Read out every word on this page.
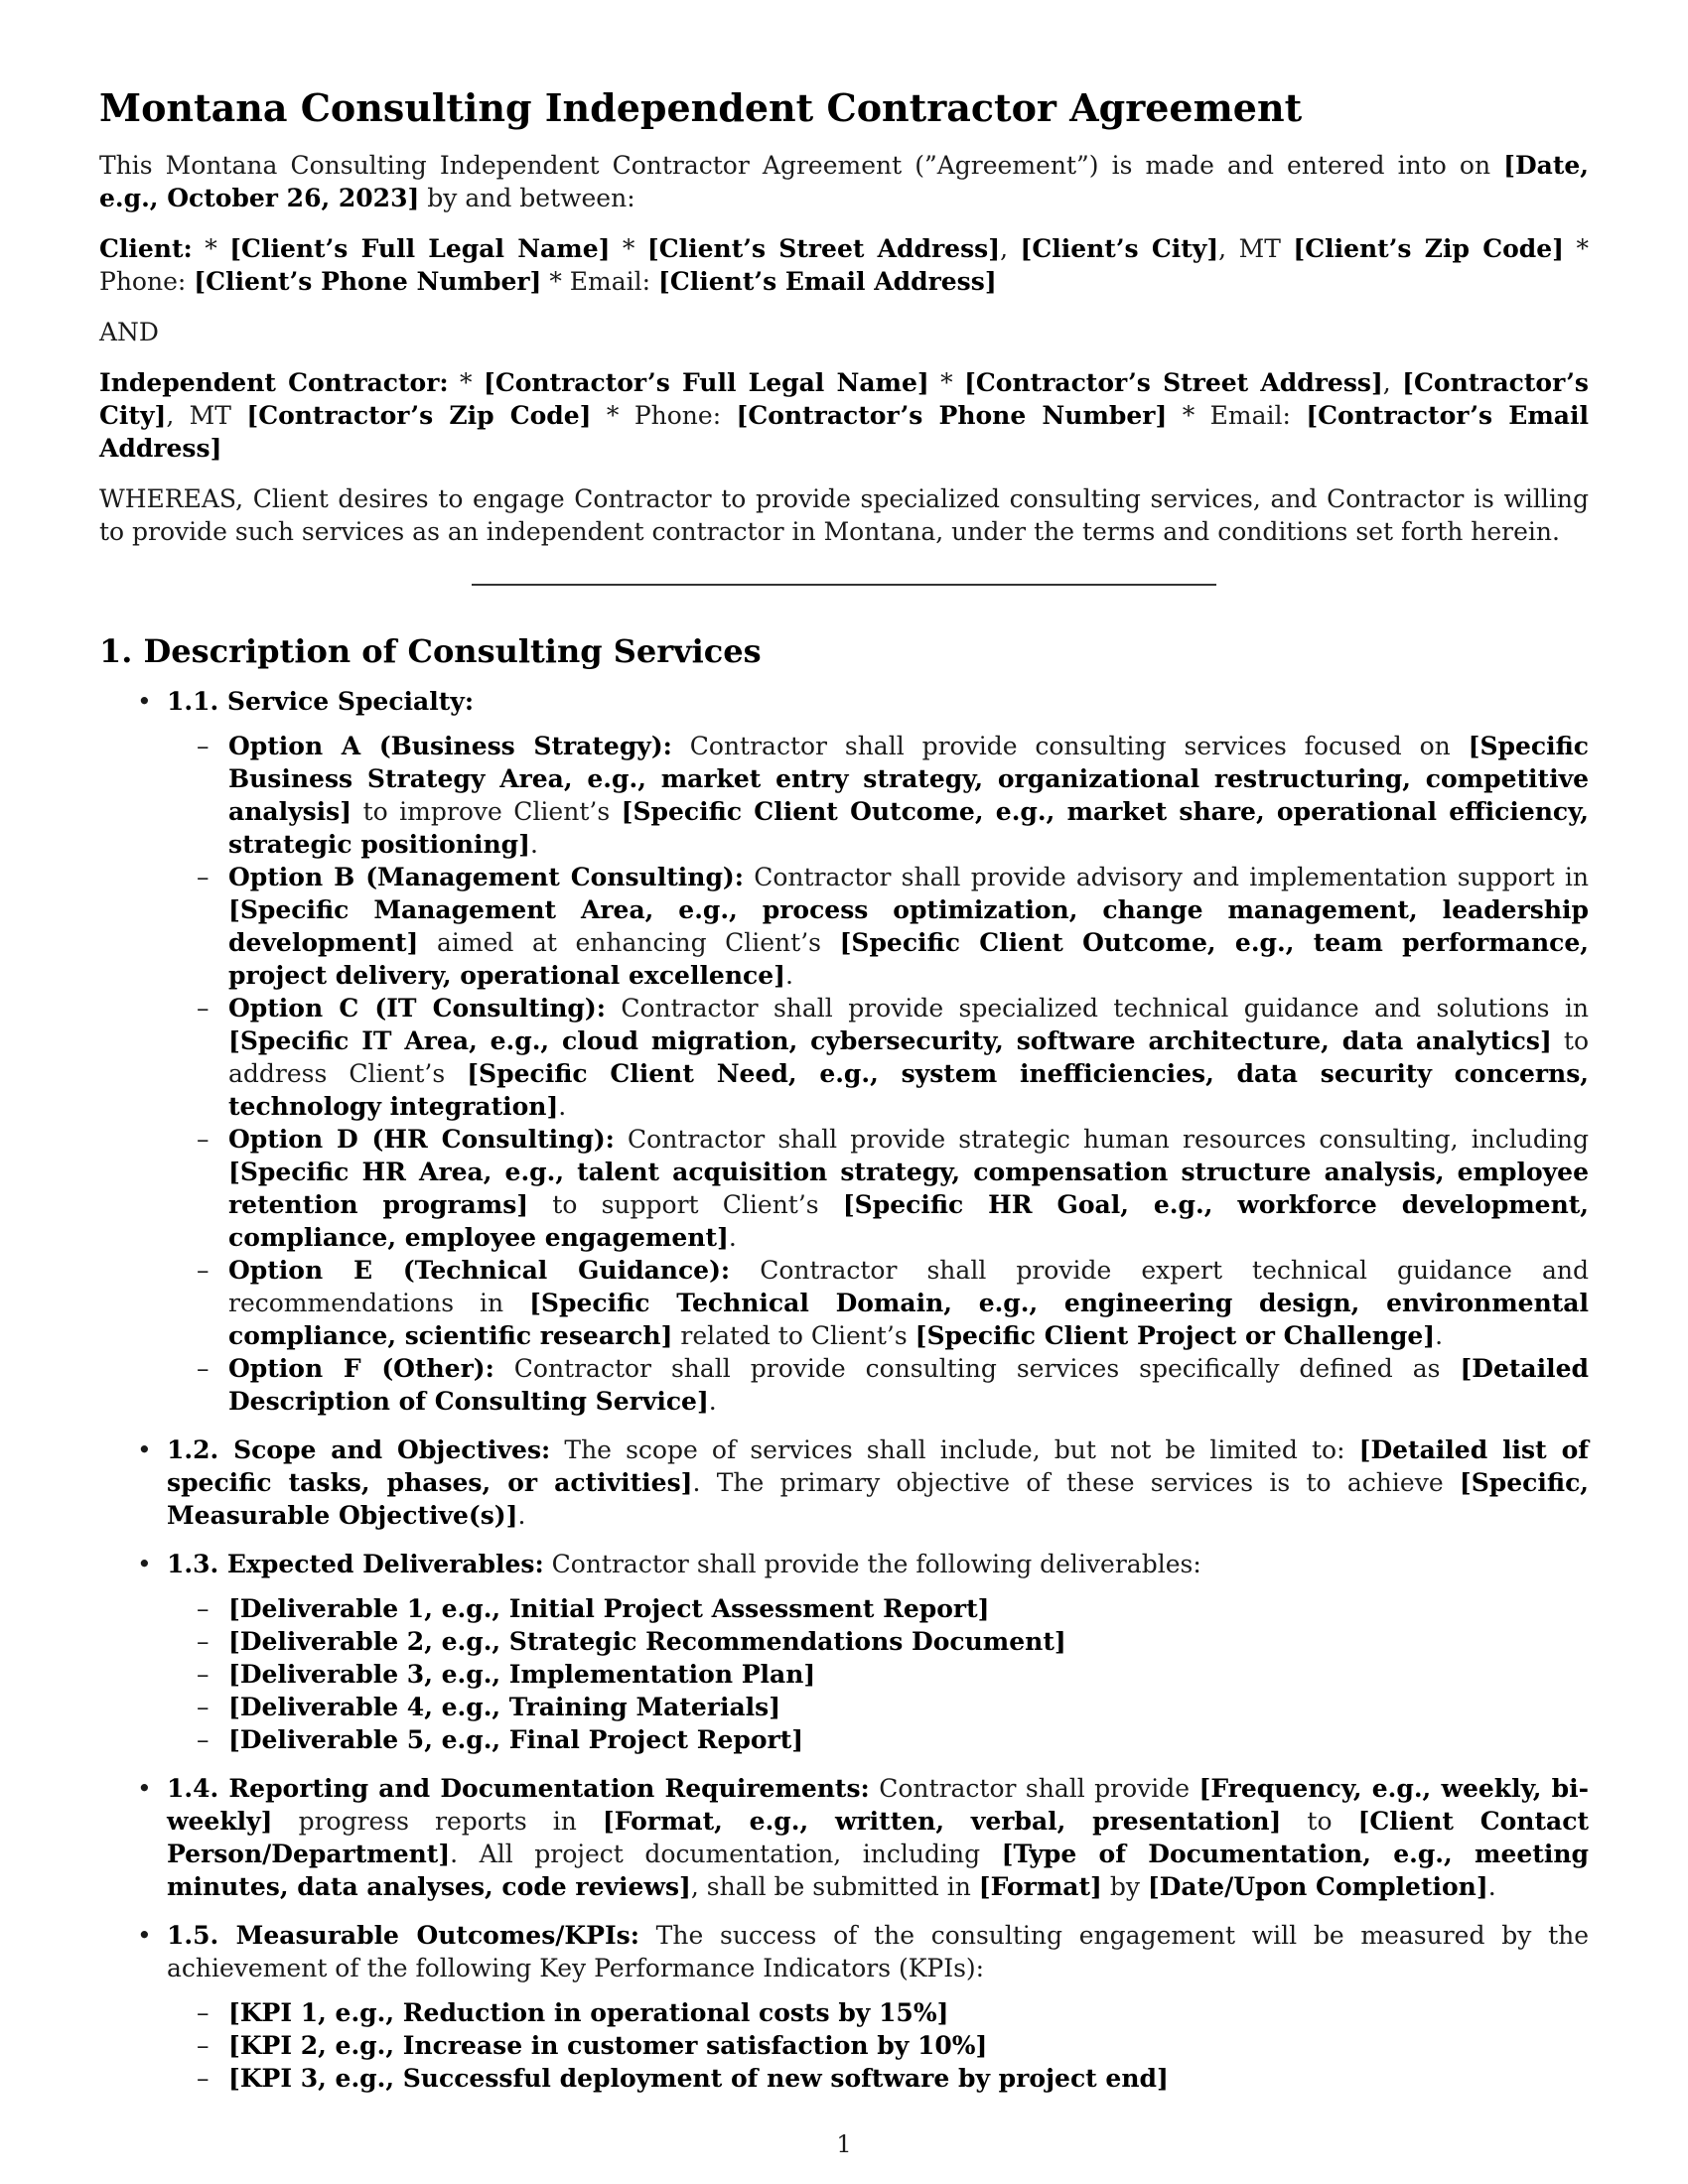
Montana Consulting Independent Contractor Agreement

This Montana Consulting Independent Contractor Agreement (”Agreement”) is made and entered into on [Date, e.g., October 26, 2023] by and between:

Client: * [Client’s Full Legal Name] * [Client’s Street Address], [Client’s City], MT [Client’s Zip Code] * Phone: [Client’s Phone Number] * Email: [Client’s Email Address]

AND

Independent Contractor: * [Contractor’s Full Legal Name] * [Contractor’s Street Address], [Contractor’s City], MT [Contractor’s Zip Code] * Phone: [Contractor’s Phone Number] * Email: [Contractor’s Email Address]

WHEREAS, Client desires to engage Contractor to provide specialized consulting services, and Contractor is willing to provide such services as an independent contractor in Montana, under the terms and conditions set forth herein.

1. Description of Consulting Services
• 1.1. Service Specialty:
– Option A (Business Strategy): Contractor shall provide consulting services focused on [Specific Business Strategy Area, e.g., market entry strategy, organizational restructuring, competitive analysis] to improve Client’s [Specific Client Outcome, e.g., market share, operational efficiency, strategic positioning].
– Option B (Management Consulting): Contractor shall provide advisory and implementation support in [Specific Management Area, e.g., process optimization, change management, leadership development] aimed at enhancing Client’s [Specific Client Outcome, e.g., team performance, project delivery, operational excellence].
– Option C (IT Consulting): Contractor shall provide specialized technical guidance and solutions in [Specific IT Area, e.g., cloud migration, cybersecurity, software architecture, data analytics] to address Client’s [Specific Client Need, e.g., system inefficiencies, data security concerns, technology integration].
– Option D (HR Consulting): Contractor shall provide strategic human resources consulting, including [Specific HR Area, e.g., talent acquisition strategy, compensation structure analysis, employee retention programs] to support Client’s [Specific HR Goal, e.g., workforce development, compliance, employee engagement].
– Option E (Technical Guidance): Contractor shall provide expert technical guidance and recommendations in [Specific Technical Domain, e.g., engineering design, environmental compliance, scientific research] related to Client’s [Specific Client Project or Challenge].
– Option F (Other): Contractor shall provide consulting services specifically defined as [Detailed Description of Consulting Service].
• 1.2. Scope and Objectives: The scope of services shall include, but not be limited to: [Detailed list of specific tasks, phases, or activities]. The primary objective of these services is to achieve [Specific, Measurable Objective(s)].
• 1.3. Expected Deliverables: Contractor shall provide the following deliverables:
– [Deliverable 1, e.g., Initial Project Assessment Report]
– [Deliverable 2, e.g., Strategic Recommendations Document]
– [Deliverable 3, e.g., Implementation Plan]
– [Deliverable 4, e.g., Training Materials]
– [Deliverable 5, e.g., Final Project Report]
• 1.4. Reporting and Documentation Requirements: Contractor shall provide [Frequency, e.g., weekly, bi-weekly] progress reports in [Format, e.g., written, verbal, presentation] to [Client Contact Person/Department]. All project documentation, including [Type of Documentation, e.g., meeting minutes, data analyses, code reviews], shall be submitted in [Format] by [Date/Upon Completion].
• 1.5. Measurable Outcomes/KPIs: The success of the consulting engagement will be measured by the achievement of the following Key Performance Indicators (KPIs):
– [KPI 1, e.g., Reduction in operational costs by 15%]
– [KPI 2, e.g., Increase in customer satisfaction by 10%]
– [KPI 3, e.g., Successful deployment of new software by project end]
1
